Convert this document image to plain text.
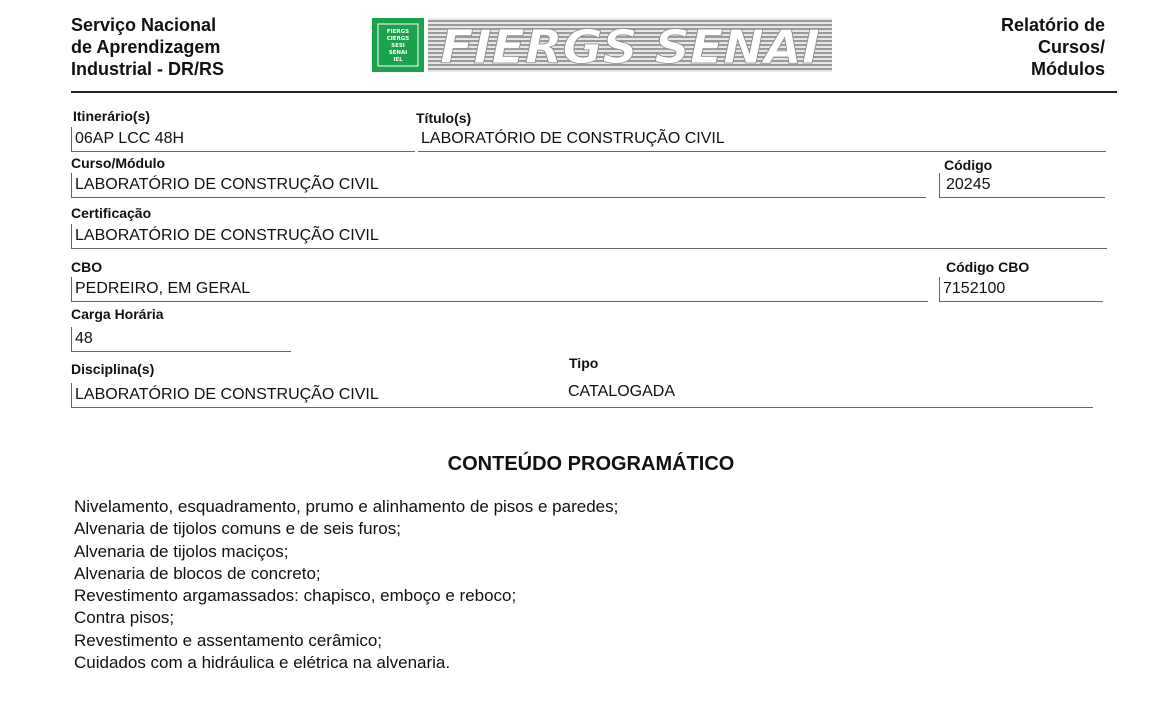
Serviço Nacional
de Aprendizagem
Industrial - DR/RS
FIERGS
CIERGS
SESI
SENAI
IEL FIERGS SENAI	Relatório de
Cursos/
Módulos
Itinerário(s)
06AP LCC 48H
Título(s)
LABORATÓRIO DE CONSTRUÇÃO CIVIL
Curso/Módulo
LABORATÓRIO DE CONSTRUÇÃO CIVIL
Código
20245
Certificação
LABORATÓRIO DE CONSTRUÇÃO CIVIL
CBO
PEDREIRO, EM GERAL
Código CBO
7152100
Carga Horária
48
Disciplina(s)
LABORATÓRIO DE CONSTRUÇÃO CIVIL
Tipo
CATALOGADA
CONTEÚDO PROGRAMÁTICO
Nivelamento, esquadramento, prumo e alinhamento de pisos e paredes;
Alvenaria de tijolos comuns e de seis furos;
Alvenaria de tijolos maciços;
Alvenaria de blocos de concreto;
Revestimento argamassados: chapisco, emboço e reboco;
Contra pisos;
Revestimento e assentamento cerâmico;
Cuidados com a hidráulica e elétrica na alvenaria.
